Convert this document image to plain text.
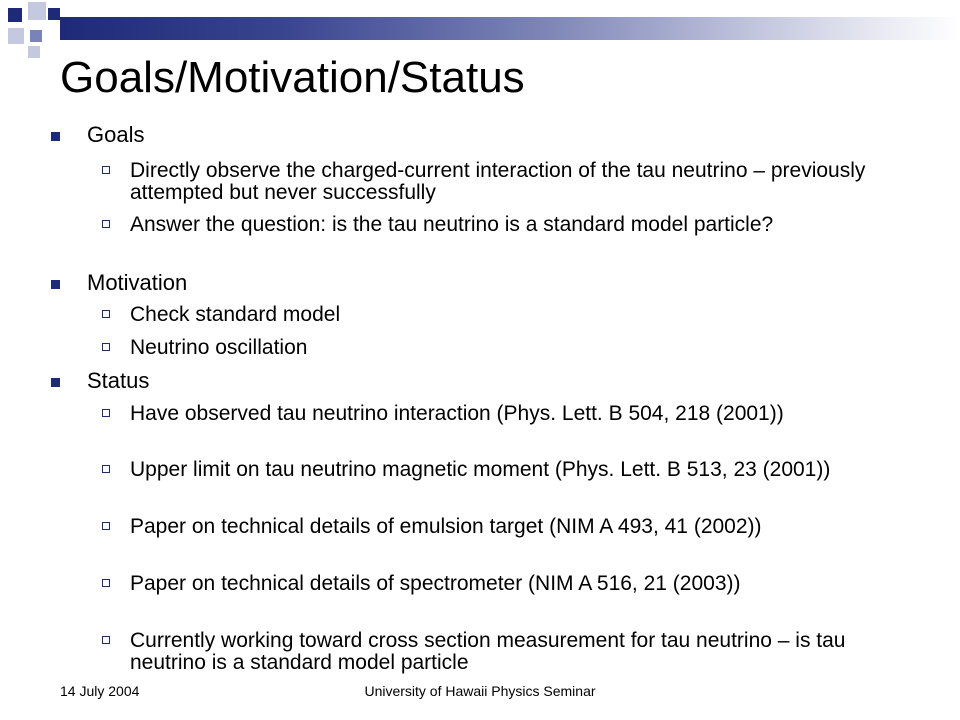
Goals/Motivation/Status
Goals
Directly observe the charged-current interaction of the tau neutrino – previously attempted but never successfully
Answer the question: is the tau neutrino is a standard model particle?
Motivation
Check standard model
Neutrino oscillation
Status
Have observed tau neutrino interaction (Phys. Lett. B 504, 218 (2001))
Upper limit on tau neutrino magnetic moment (Phys. Lett. B 513, 23 (2001))
Paper on technical details of emulsion target (NIM A 493, 41 (2002))
Paper on technical details of spectrometer (NIM A 516, 21 (2003))
Currently working toward cross section measurement for tau neutrino – is tau neutrino is a standard model particle
14 July 2004	University of Hawaii Physics Seminar
